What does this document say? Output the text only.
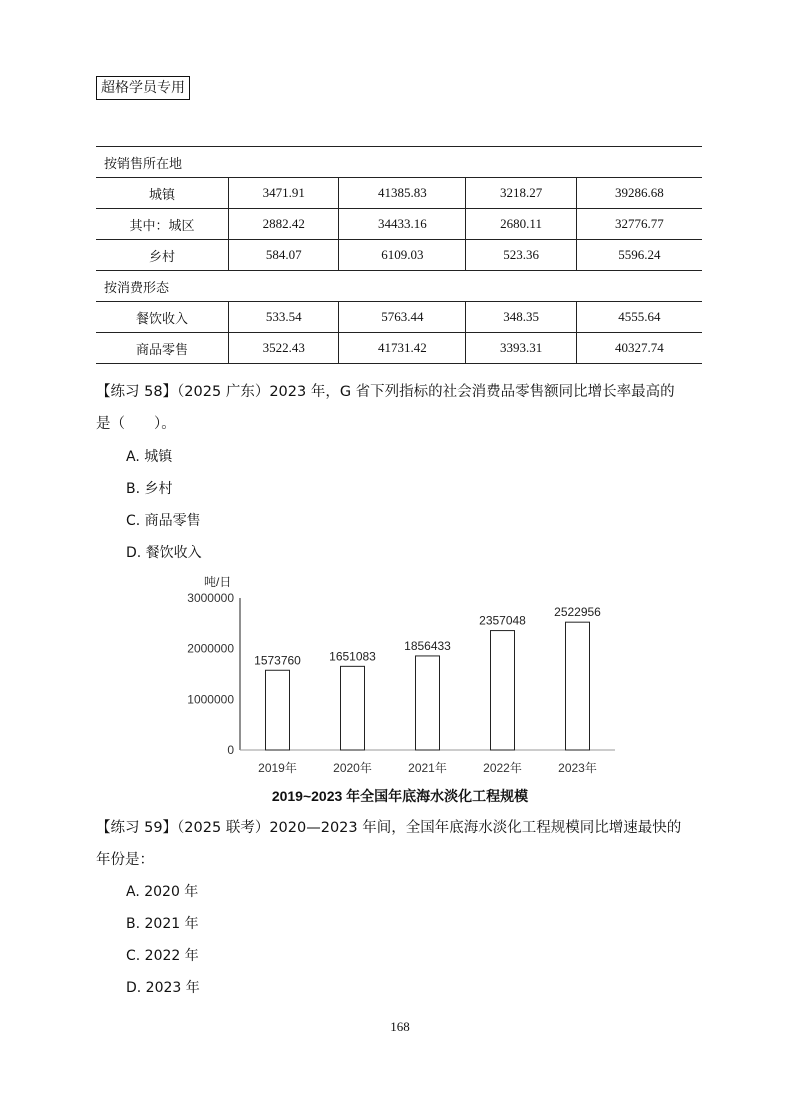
超格学员专用
按销售所在地				
城镇	3471.91	41385.83	3218.27	39286.68
其中：城区	2882.42	34433.16	2680.11	32776.77
乡村	584.07	6109.03	523.36	5596.24
按消费形态				
餐饮收入	533.54	5763.44	348.35	4555.64
商品零售	3522.43	41731.42	3393.31	40327.74
【练习 58】（2025 广东）2023 年，G 省下列指标的社会消费品零售额同比增长率最高的
是（　　）。
A. 城镇
B. 乡村
C. 商品零售
D. 餐饮收入
吨/日
0
1000000
2000000
3000000
1573760
2019年
1651083
2020年
1856433
2021年
2357048
2022年
2522956
2023年
2019~2023 年全国年底海水淡化工程规模
【练习 59】（2025 联考）2020—2023 年间，全国年底海水淡化工程规模同比增速最快的
年份是：
A. 2020 年
B. 2021 年
C. 2022 年
D. 2023 年
168
